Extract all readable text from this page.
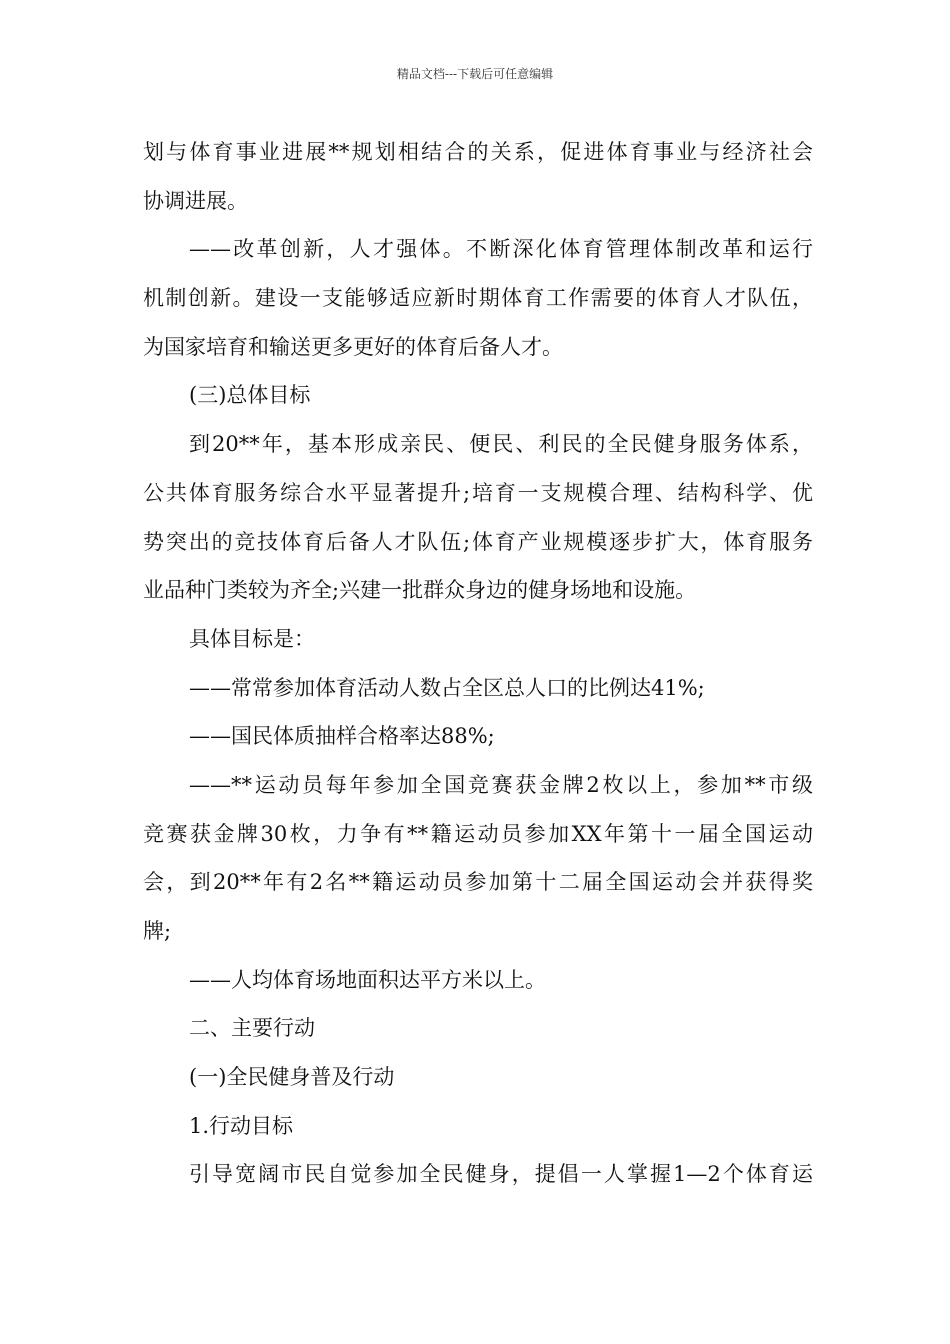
精品文档---下载后可任意编辑
划与体育事业进展**规划相结合的关系，促进体育事业与经济社会
协调进展。
——改革创新，人才强体。不断深化体育管理体制改革和运行
机制创新。建设一支能够适应新时期体育工作需要的体育人才队伍，
为国家培育和输送更多更好的体育后备人才。
(三)总体目标
到20**年，基本形成亲民、便民、利民的全民健身服务体系，
公共体育服务综合水平显著提升;培育一支规模合理、结构科学、优
势突出的竞技体育后备人才队伍;体育产业规模逐步扩大，体育服务
业品种门类较为齐全;兴建一批群众身边的健身场地和设施。
具体目标是：
——常常参加体育活动人数占全区总人口的比例达41%;
——国民体质抽样合格率达88%;
——**运动员每年参加全国竞赛获金牌2枚以上，参加**市级
竞赛获金牌30枚，力争有**籍运动员参加XX年第十一届全国运动
会，到20**年有2名**籍运动员参加第十二届全国运动会并获得奖
牌;
——人均体育场地面积达平方米以上。
二、主要行动
(一)全民健身普及行动
1.行动目标
引导宽阔市民自觉参加全民健身，提倡一人掌握1—2个体育运
